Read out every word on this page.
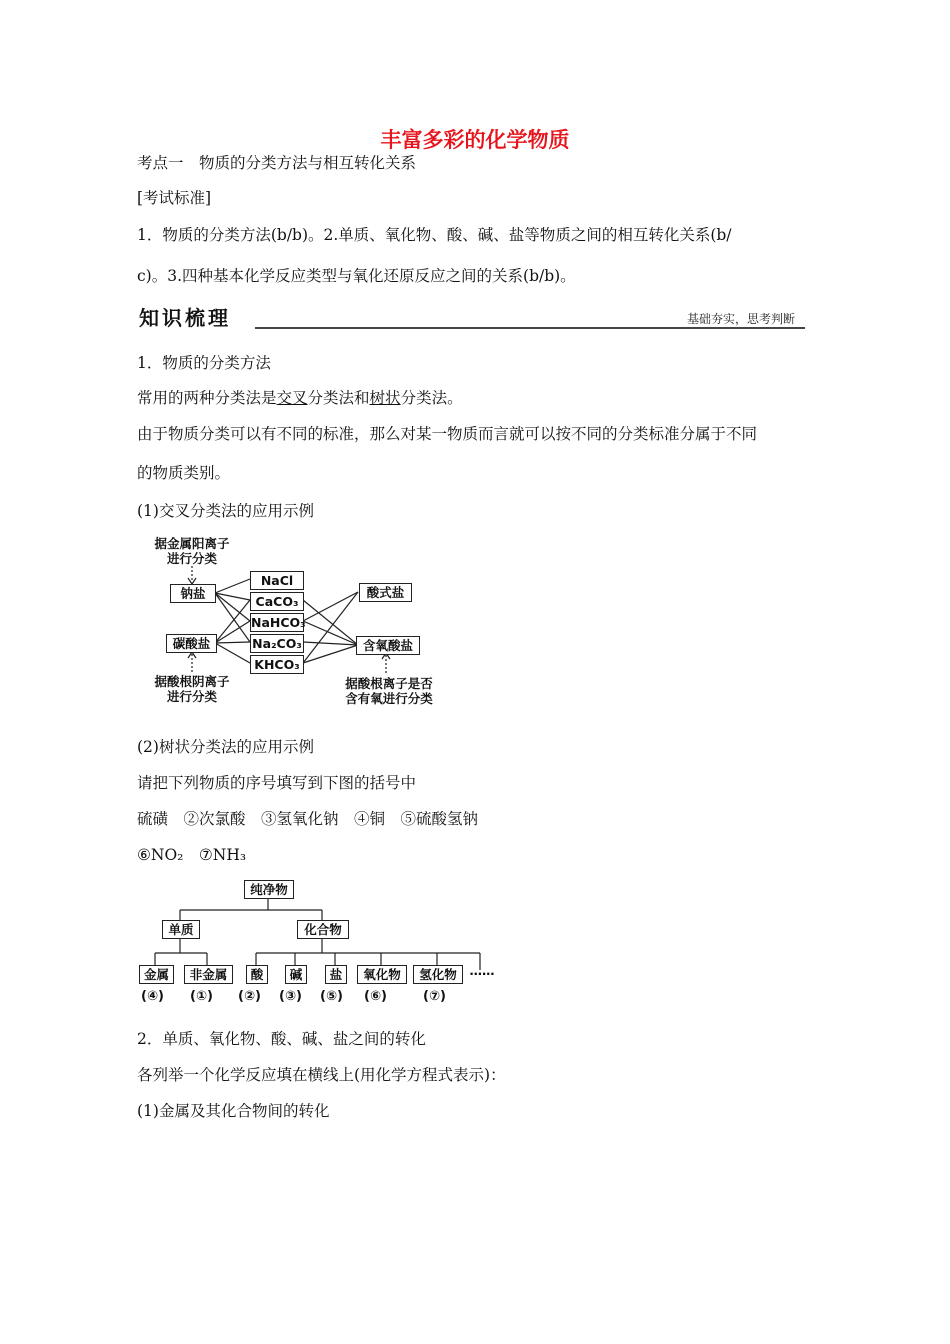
丰富多彩的化学物质
考点一　物质的分类方法与相互转化关系
[考试标准]
1．物质的分类方法(b/b)。2.单质、氧化物、酸、碱、盐等物质之间的相互转化关系(b/
c)。3.四种基本化学反应类型与氧化还原反应之间的关系(b/b)。
知识梳理	基础夯实，思考判断
1．物质的分类方法
常用的两种分类法是交叉分类法和树状分类法。
由于物质分类可以有不同的标准，那么对某一物质而言就可以按不同的分类标准分属于不同
的物质类别。
(1)交叉分类法的应用示例
据金属阳离子
进行分类
钠盐
碳酸盐
NaCl
CaCO₃
NaHCO₃
Na₂CO₃
KHCO₃
酸式盐
含氧酸盐
据酸根阴离子
进行分类
据酸根离子是否
含有氧进行分类
(2)树状分类法的应用示例
请把下列物质的序号填写到下图的括号中
硫磺　②次氯酸　③氢氧化钠　④铜　⑤硫酸氢钠
⑥NO₂　⑦NH₃
纯净物
单质	化合物
金属	非金属	酸	碱	盐	氧化物	氢化物	……
(④) (①) (②) (③) (⑤) (⑥)	(⑦)
2．单质、氧化物、酸、碱、盐之间的转化
各列举一个化学反应填在横线上(用化学方程式表示)：
(1)金属及其化合物间的转化
